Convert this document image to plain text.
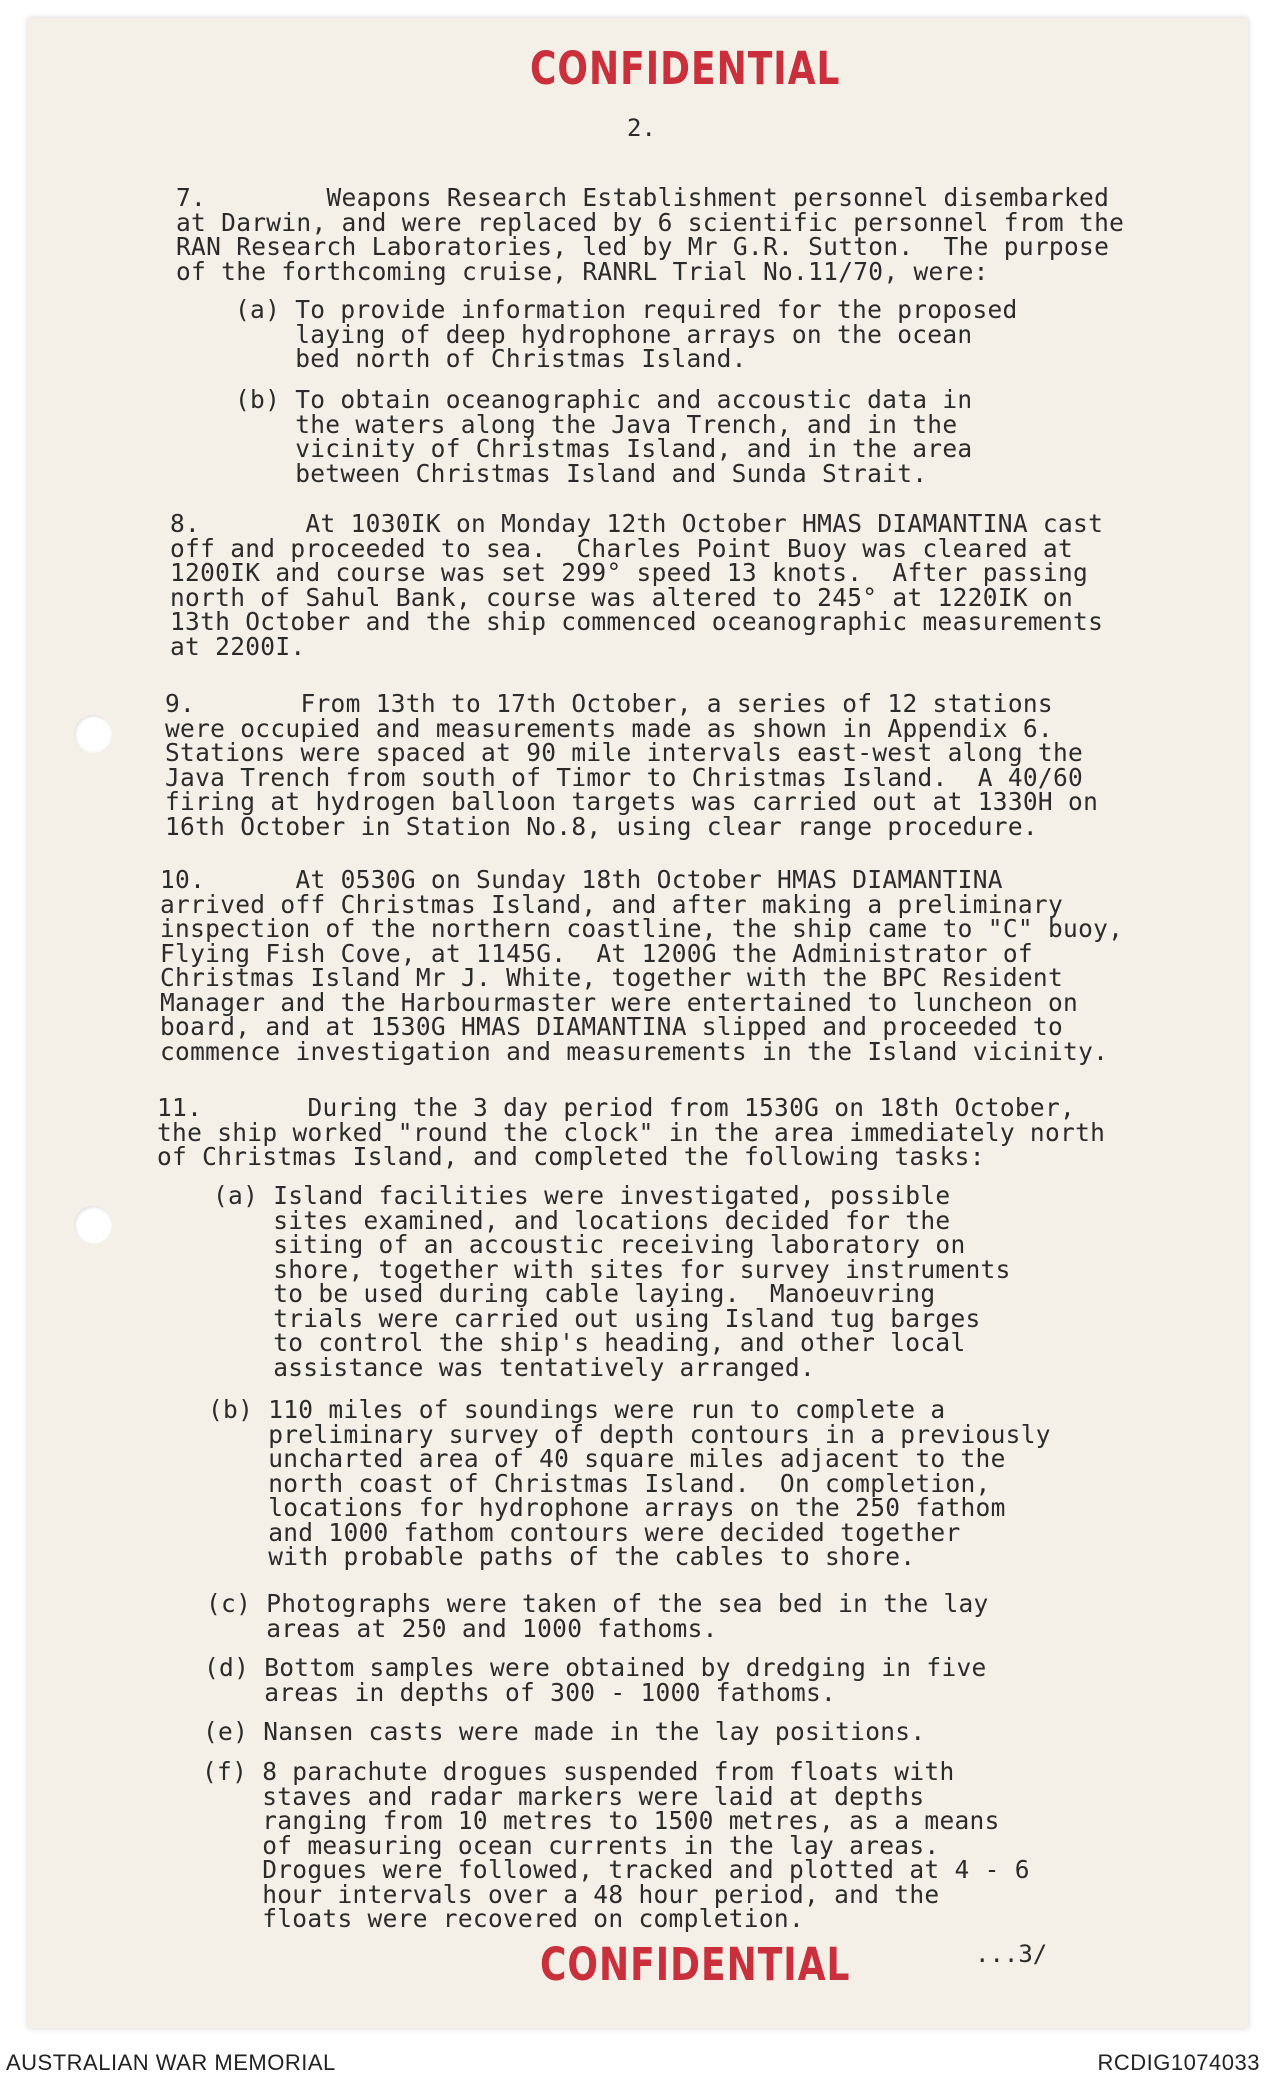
CONFIDENTIAL
2.
7.        Weapons Research Establishment personnel disembarked
at Darwin, and were replaced by 6 scientific personnel from the
RAN Research Laboratories, led by Mr G.R. Sutton.  The purpose
of the forthcoming cruise, RANRL Trial No.11/70, were:
(a) To provide information required for the proposed
laying of deep hydrophone arrays on the ocean
bed north of Christmas Island.
(b) To obtain oceanographic and accoustic data in
the waters along the Java Trench, and in the
vicinity of Christmas Island, and in the area
between Christmas Island and Sunda Strait.
8.       At 1030IK on Monday 12th October HMAS DIAMANTINA cast
off and proceeded to sea.  Charles Point Buoy was cleared at
1200IK and course was set 299° speed 13 knots.  After passing
north of Sahul Bank, course was altered to 245° at 1220IK on
13th October and the ship commenced oceanographic measurements
at 2200I.
9.       From 13th to 17th October, a series of 12 stations
were occupied and measurements made as shown in Appendix 6.
Stations were spaced at 90 mile intervals east-west along the
Java Trench from south of Timor to Christmas Island.  A 40/60
firing at hydrogen balloon targets was carried out at 1330H on
16th October in Station No.8, using clear range procedure.
10.      At 0530G on Sunday 18th October HMAS DIAMANTINA
arrived off Christmas Island, and after making a preliminary
inspection of the northern coastline, the ship came to "C" buoy,
Flying Fish Cove, at 1145G.  At 1200G the Administrator of
Christmas Island Mr J. White, together with the BPC Resident
Manager and the Harbourmaster were entertained to luncheon on
board, and at 1530G HMAS DIAMANTINA slipped and proceeded to
commence investigation and measurements in the Island vicinity.
11.       During the 3 day period from 1530G on 18th October,
the ship worked "round the clock" in the area immediately north
of Christmas Island, and completed the following tasks:
(a) Island facilities were investigated, possible
sites examined, and locations decided for the
siting of an accoustic receiving laboratory on
shore, together with sites for survey instruments
to be used during cable laying.  Manoeuvring
trials were carried out using Island tug barges
to control the ship's heading, and other local
assistance was tentatively arranged.
(b) 110 miles of soundings were run to complete a
preliminary survey of depth contours in a previously
uncharted area of 40 square miles adjacent to the
north coast of Christmas Island.  On completion,
locations for hydrophone arrays on the 250 fathom
and 1000 fathom contours were decided together
with probable paths of the cables to shore.
(c) Photographs were taken of the sea bed in the lay
areas at 250 and 1000 fathoms.
(d) Bottom samples were obtained by dredging in five
areas in depths of 300 - 1000 fathoms.
(e) Nansen casts were made in the lay positions.
(f) 8 parachute drogues suspended from floats with
staves and radar markers were laid at depths
ranging from 10 metres to 1500 metres, as a means
of measuring ocean currents in the lay areas.
Drogues were followed, tracked and plotted at 4 - 6
hour intervals over a 48 hour period, and the
floats were recovered on completion.
CONFIDENTIAL	...3/
AUSTRALIAN WAR MEMORIAL	RCDIG1074033
